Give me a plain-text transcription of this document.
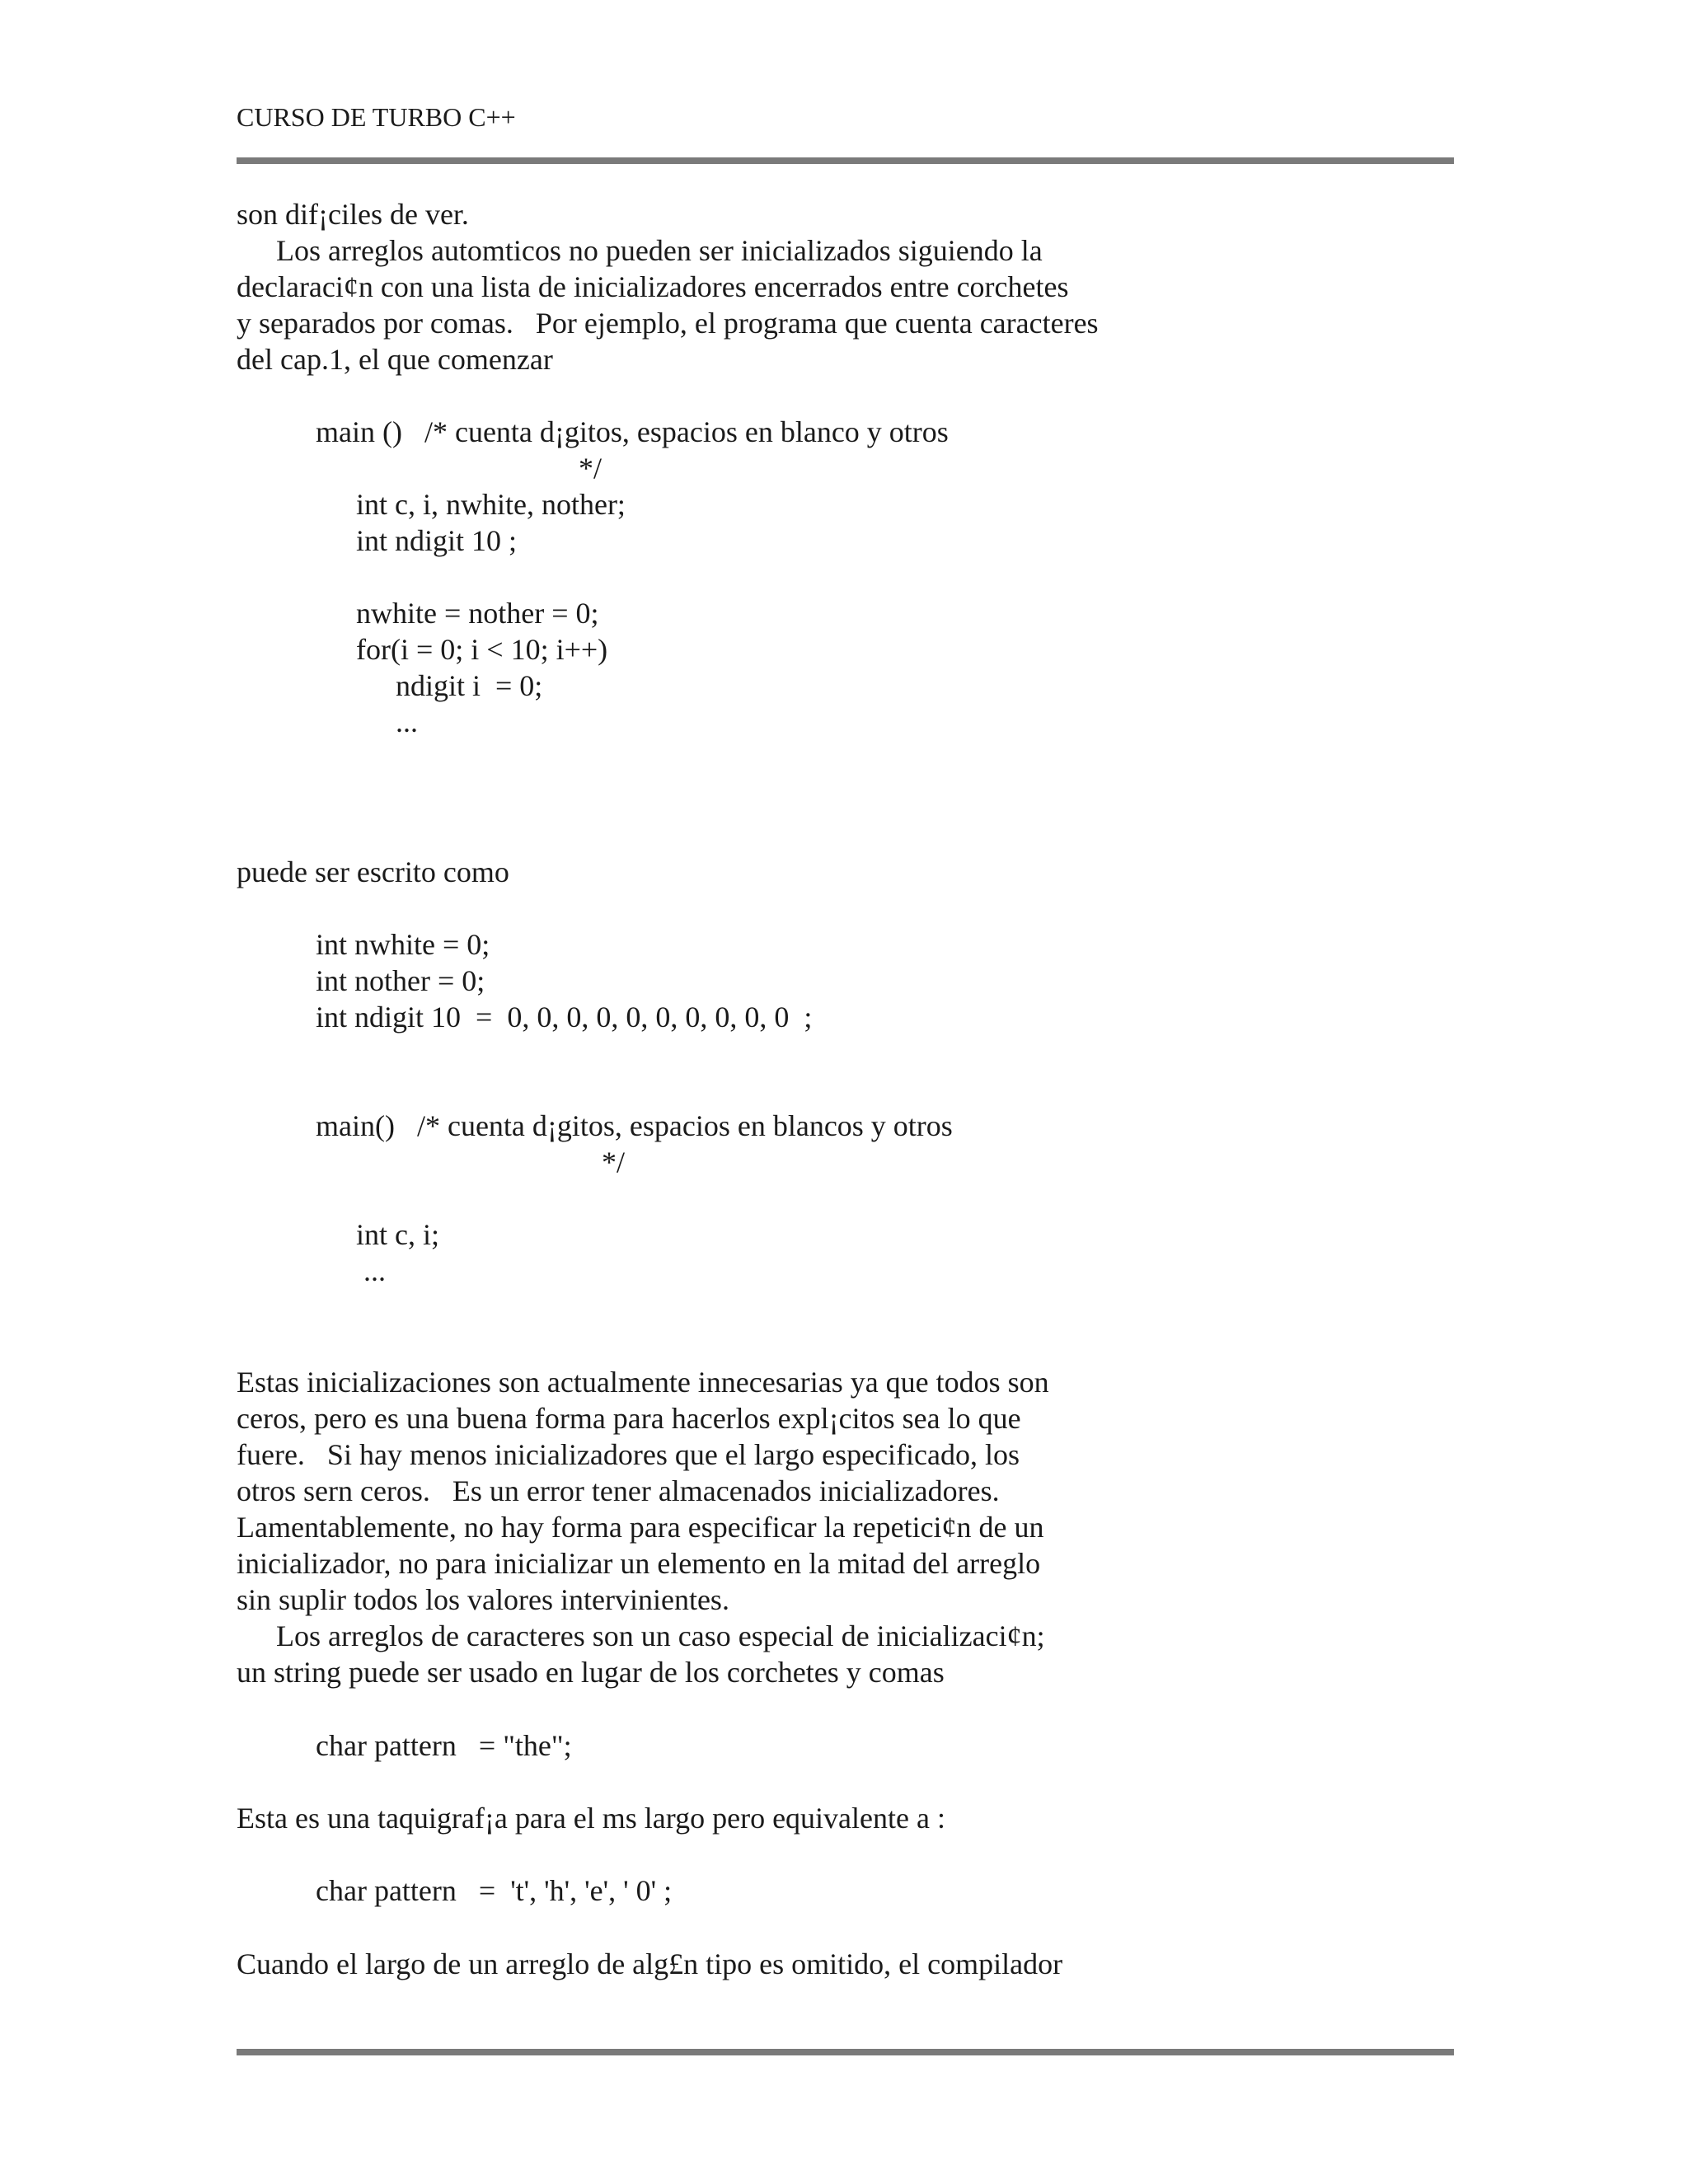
CURSO DE TURBO C++
son dif¡ciles de ver.
Los arreglos automticos no pueden ser inicializados siguiendo la
declaraci¢n con una lista de inicializadores encerrados entre corchetes
y separados por comas.   Por ejemplo, el programa que cuenta caracteres
del cap.1, el que comenzar
main ()   /* cuenta d¡gitos, espacios en blanco y otros
*/
int c, i, nwhite, nother;
int ndigit 10 ;
nwhite = nother = 0;
for(i = 0; i < 10; i++)
ndigit i  = 0;
...
puede ser escrito como
int nwhite = 0;
int nother = 0;
int ndigit 10  =  0, 0, 0, 0, 0, 0, 0, 0, 0, 0  ;
main()   /* cuenta d¡gitos, espacios en blancos y otros
*/
int c, i;
...
Estas inicializaciones son actualmente innecesarias ya que todos son
ceros, pero es una buena forma para hacerlos expl¡citos sea lo que
fuere.   Si hay menos inicializadores que el largo especificado, los
otros sern ceros.   Es un error tener almacenados inicializadores.
Lamentablemente, no hay forma para especificar la repetici¢n de un
inicializador, no para inicializar un elemento en la mitad del arreglo
sin suplir todos los valores intervinientes.
Los arreglos de caracteres son un caso especial de inicializaci¢n;
un string puede ser usado en lugar de los corchetes y comas
char pattern   = "the";
Esta es una taquigraf¡a para el ms largo pero equivalente a :
char pattern   =  't', 'h', 'e', ' 0' ;
Cuando el largo de un arreglo de alg£n tipo es omitido, el compilador
